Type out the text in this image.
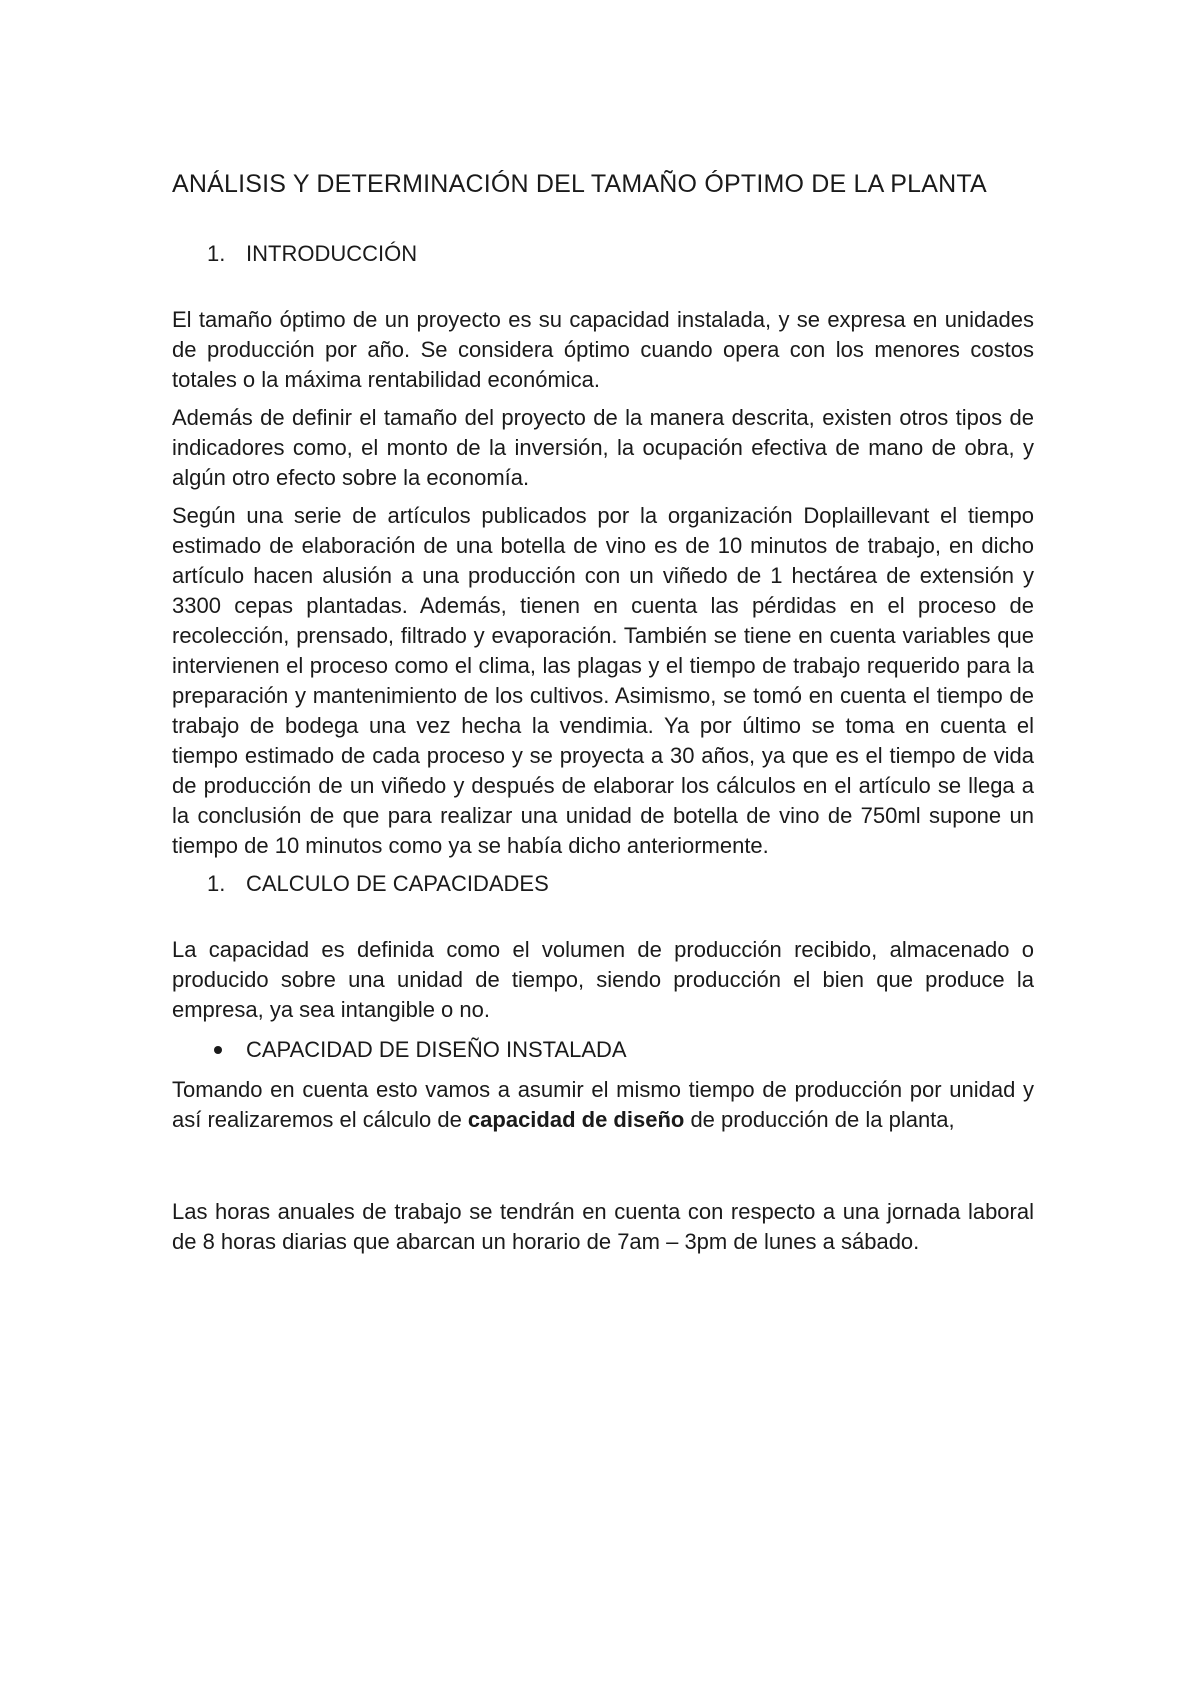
ANÁLISIS Y DETERMINACIÓN DEL TAMAÑO ÓPTIMO DE LA PLANTA
1. INTRODUCCIÓN

El tamaño óptimo de un proyecto es su capacidad instalada, y se expresa en unidades de producción por año. Se considera óptimo cuando opera con los menores costos totales o la máxima rentabilidad económica.

Además de definir el tamaño del proyecto de la manera descrita, existen otros tipos de indicadores como, el monto de la inversión, la ocupación efectiva de mano de obra, y algún otro efecto sobre la economía.

Según una serie de artículos publicados por la organización Doplaillevant el tiempo estimado de elaboración de una botella de vino es de 10 minutos de trabajo, en dicho artículo hacen alusión a una producción con un viñedo de 1 hectárea de extensión y 3300 cepas plantadas. Además, tienen en cuenta las pérdidas en el proceso de recolección, prensado, filtrado y evaporación. También se tiene en cuenta variables que intervienen el proceso como el clima, las plagas y el tiempo de trabajo requerido para la preparación y mantenimiento de los cultivos. Asimismo, se tomó en cuenta el tiempo de trabajo de bodega una vez hecha la vendimia. Ya por último se toma en cuenta el tiempo estimado de cada proceso y se proyecta a 30 años, ya que es el tiempo de vida de producción de un viñedo y después de elaborar los cálculos en el artículo se llega a la conclusión de que para realizar una unidad de botella de vino de 750ml supone un tiempo de 10 minutos como ya se había dicho anteriormente.

1. CALCULO DE CAPACIDADES

La capacidad es definida como el volumen de producción recibido, almacenado o producido sobre una unidad de tiempo, siendo producción el bien que produce la empresa, ya sea intangible o no.

CAPACIDAD DE DISEÑO INSTALADA

Tomando en cuenta esto vamos a asumir el mismo tiempo de producción por unidad y así realizaremos el cálculo de capacidad de diseño de producción de la planta,

Las horas anuales de trabajo se tendrán en cuenta con respecto a una jornada laboral de 8 horas diarias que abarcan un horario de 7am – 3pm de lunes a sábado.
